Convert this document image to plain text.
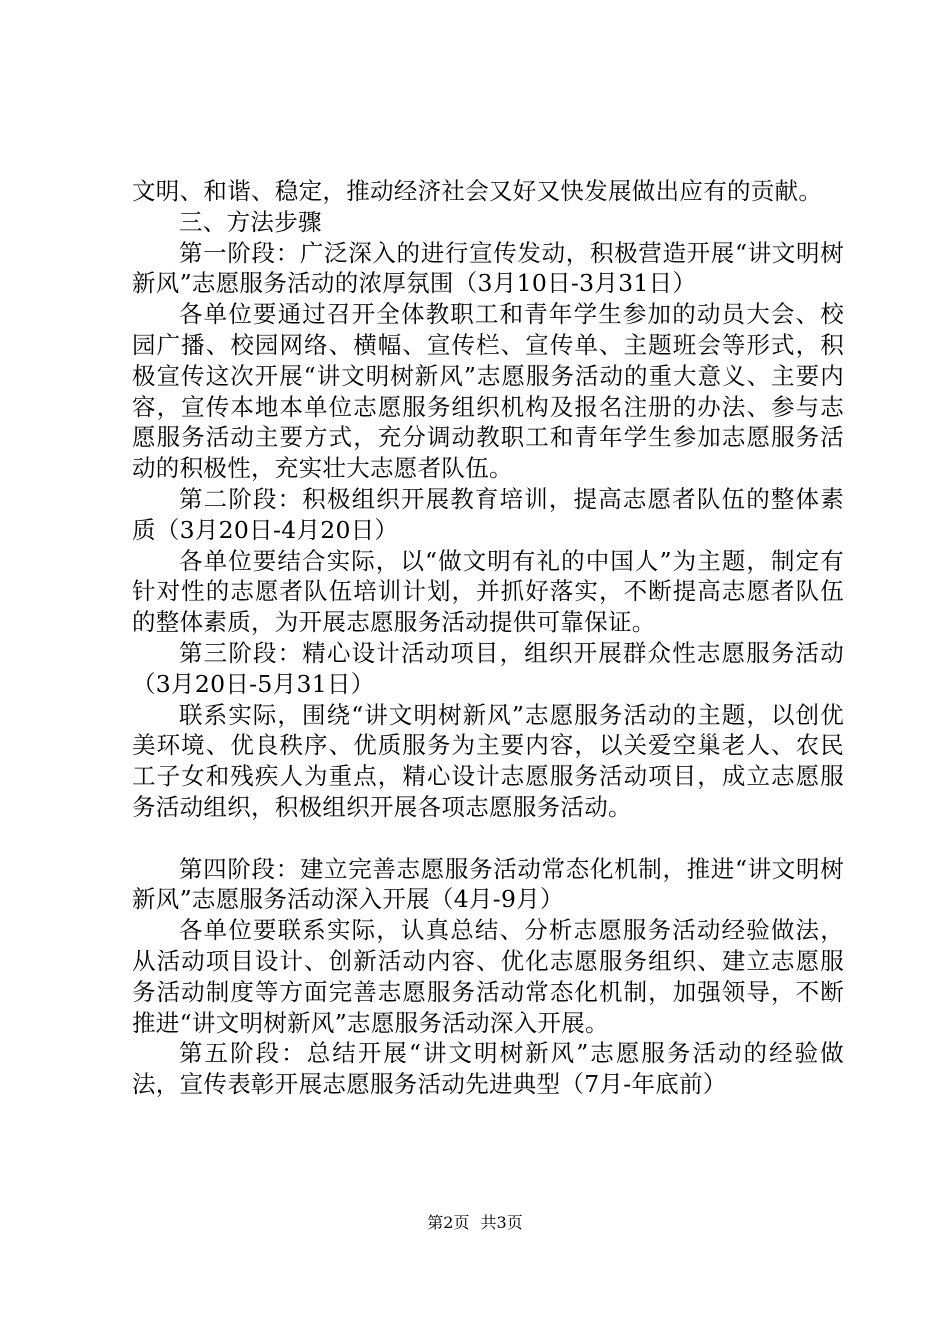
文明、和谐、稳定，推动经济社会又好又快发展做出应有的贡献。

三、方法步骤

第一阶段：广泛深入的进行宣传发动，积极营造开展“讲文明树新风”志愿服务活动的浓厚氛围（3月10日-3月31日）

各单位要通过召开全体教职工和青年学生参加的动员大会、校园广播、校园网络、横幅、宣传栏、宣传单、主题班会等形式，积极宣传这次开展“讲文明树新风”志愿服务活动的重大意义、主要内容，宣传本地本单位志愿服务组织机构及报名注册的办法、参与志愿服务活动主要方式，充分调动教职工和青年学生参加志愿服务活动的积极性，充实壮大志愿者队伍。

第二阶段：积极组织开展教育培训，提高志愿者队伍的整体素质（3月20日-4月20日）

各单位要结合实际，以“做文明有礼的中国人”为主题，制定有针对性的志愿者队伍培训计划，并抓好落实，不断提高志愿者队伍的整体素质，为开展志愿服务活动提供可靠保证。

第三阶段：精心设计活动项目，组织开展群众性志愿服务活动（3月20日-5月31日）

联系实际，围绕“讲文明树新风”志愿服务活动的主题，以创优美环境、优良秩序、优质服务为主要内容，以关爱空巢老人、农民工子女和残疾人为重点，精心设计志愿服务活动项目，成立志愿服务活动组织，积极组织开展各项志愿服务活动。

第四阶段：建立完善志愿服务活动常态化机制，推进“讲文明树新风”志愿服务活动深入开展（4月-9月）

各单位要联系实际，认真总结、分析志愿服务活动经验做法，从活动项目设计、创新活动内容、优化志愿服务组织、建立志愿服务活动制度等方面完善志愿服务活动常态化机制，加强领导，不断推进“讲文明树新风”志愿服务活动深入开展。

第五阶段：总结开展“讲文明树新风”志愿服务活动的经验做法，宣传表彰开展志愿服务活动先进典型（7月-年底前）

第2页 共3页
